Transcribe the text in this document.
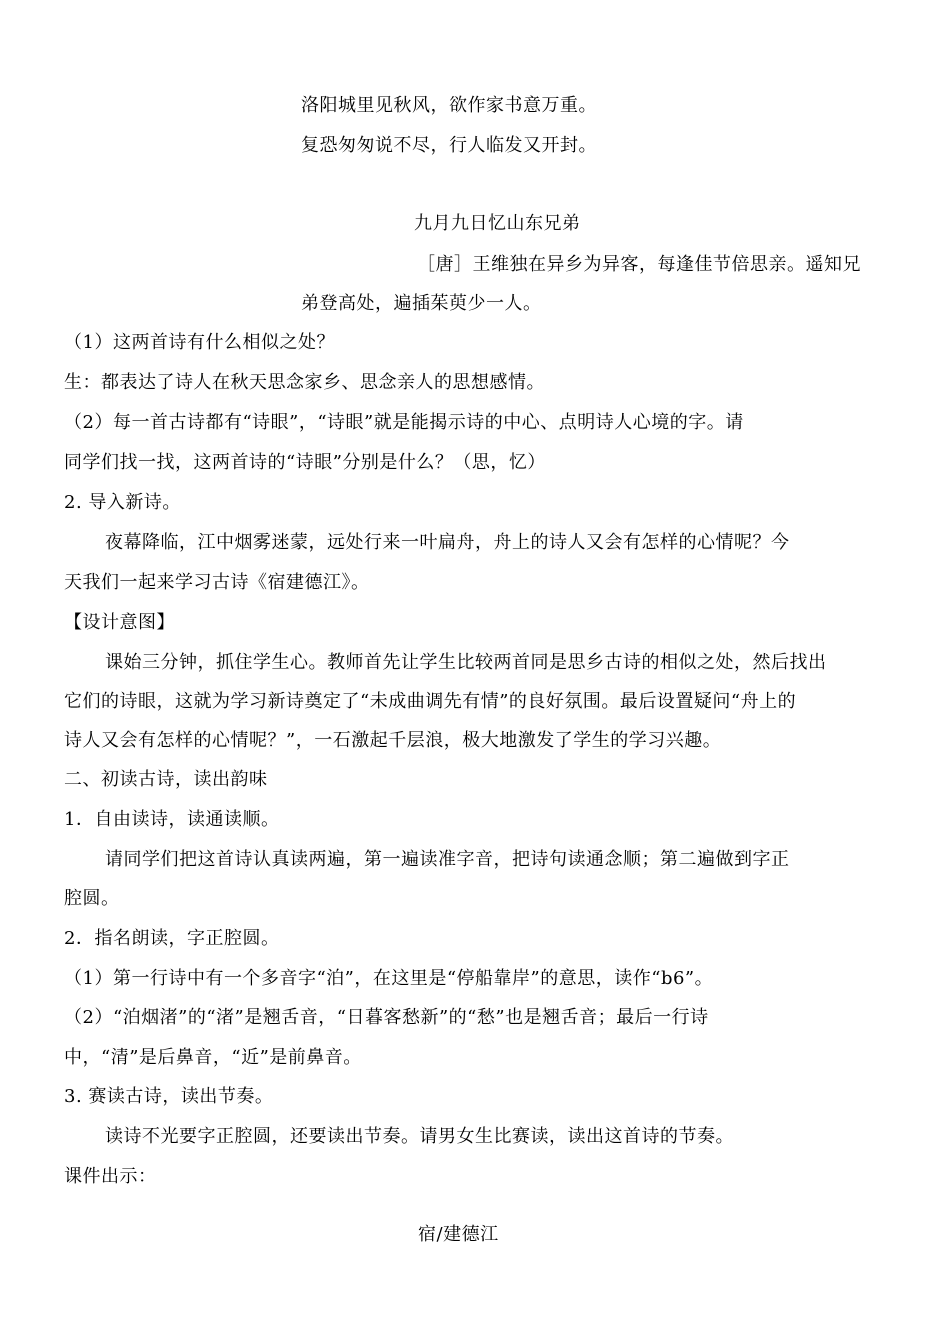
洛阳城里见秋风，欲作家书意万重。
复恐匆匆说不尽，行人临发又开封。
九月九日忆山东兄弟
［唐］王维独在异乡为异客，每逢佳节倍思亲。遥知兄
弟登高处，遍插茱萸少一人。
（1）这两首诗有什么相似之处？
生：都表达了诗人在秋天思念家乡、思念亲人的思想感情。
（2）每一首古诗都有“诗眼”，“诗眼”就是能揭示诗的中心、点明诗人心境的字。请
同学们找一找，这两首诗的“诗眼”分别是什么？（思，忆）
2. 导入新诗。
夜幕降临，江中烟雾迷蒙，远处行来一叶扁舟，舟上的诗人又会有怎样的心情呢？今
天我们一起来学习古诗《宿建德江》。
【设计意图】
课始三分钟，抓住学生心。教师首先让学生比较两首同是思乡古诗的相似之处，然后找出
它们的诗眼，这就为学习新诗奠定了“未成曲调先有情”的良好氛围。最后设置疑问“舟上的
诗人又会有怎样的心情呢？”，一石激起千层浪，极大地激发了学生的学习兴趣。
二、初读古诗，读出韵味
1．自由读诗，读通读顺。
请同学们把这首诗认真读两遍，第一遍读准字音，把诗句读通念顺；第二遍做到字正
腔圆。
2．指名朗读，字正腔圆。
（1）第一行诗中有一个多音字“泊”，在这里是“停船靠岸”的意思，读作“b6”。
（2）“泊烟渚”的“渚”是翘舌音，“日暮客愁新”的“愁”也是翘舌音；最后一行诗
中，“清”是后鼻音，“近”是前鼻音。
3. 赛读古诗，读出节奏。
读诗不光要字正腔圆，还要读出节奏。请男女生比赛读，读出这首诗的节奏。
课件出示：
宿/建德江
